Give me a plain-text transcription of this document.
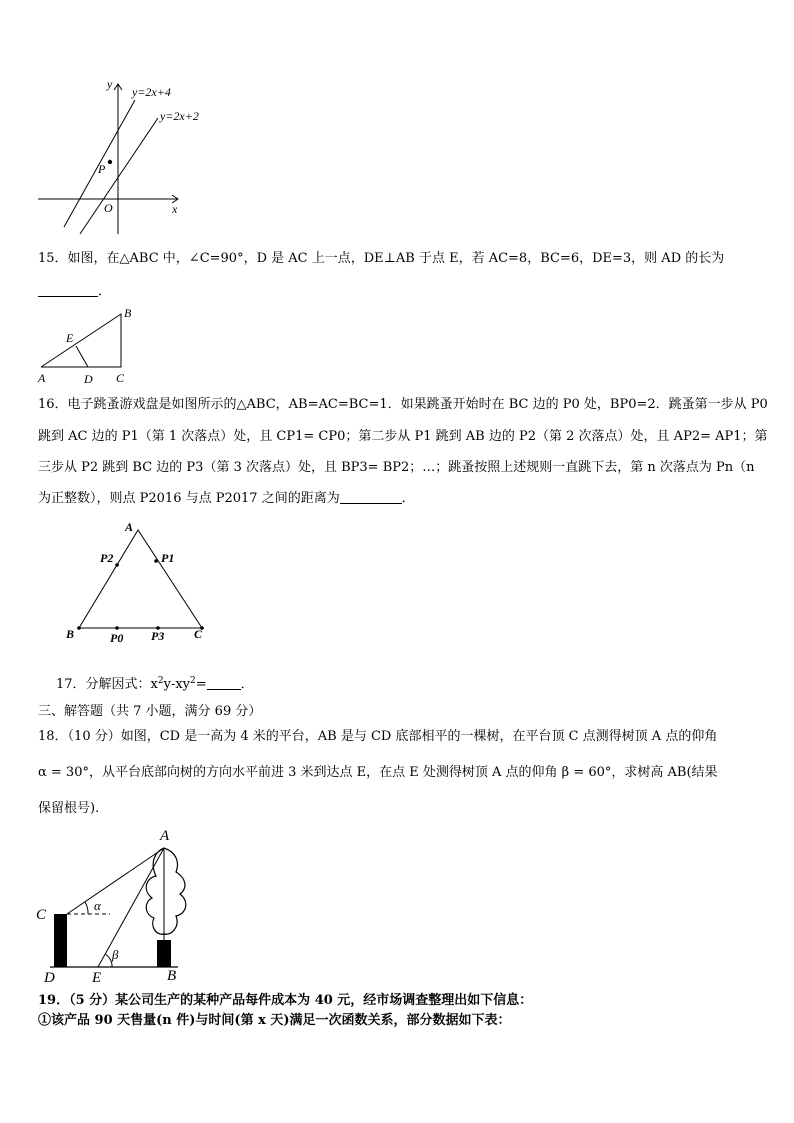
y
x
O
P
y=2x+4
y=2x+2
15．如图，在△ABC 中，∠C=90°，D 是 AC 上一点，DE⊥AB 于点 E，若 AC=8，BC=6，DE=3，则 AD 的长为
．
A	D C
B
E
16．电子跳蚤游戏盘是如图所示的△ABC，AB=AC=BC=1．如果跳蚤开始时在 BC 边的 P0 处，BP0=2．跳蚤第一步从 P0
跳到 AC 边的 P1（第 1 次落点）处，且 CP1= CP0；第二步从 P1 跳到 AB 边的 P2（第 2 次落点）处，且 AP2= AP1；第
三步从 P2 跳到 BC 边的 P3（第 3 次落点）处，且 BP3= BP2；…；跳蚤按照上述规则一直跳下去，第 n 次落点为 Pn（n
为正整数），则点 P2016 与点 P2017 之间的距离为	．
A
B	C
P0 P3
P1
P2
17．分解因式：$x^2y-xy^2=$	．
三、解答题（共 7 小题，满分 69 分）
18．（10 分）如图，CD 是一高为 4 米的平台，AB 是与 CD 底部相平的一棵树，在平台顶 C 点测得树顶 A 点的仰角
α = 30°，从平台底部向树的方向水平前进 3 米到达点 E，在点 E 处测得树顶 A 点的仰角 β = 60°，求树高 AB(结果
保留根号).
A
C
D E	B
α
β
19．（5 分）某公司生产的某种产品每件成本为 40 元，经市场调查整理出如下信息：
①该产品 90 天售量(n 件)与时间(第 x 天)满足一次函数关系，部分数据如下表：
